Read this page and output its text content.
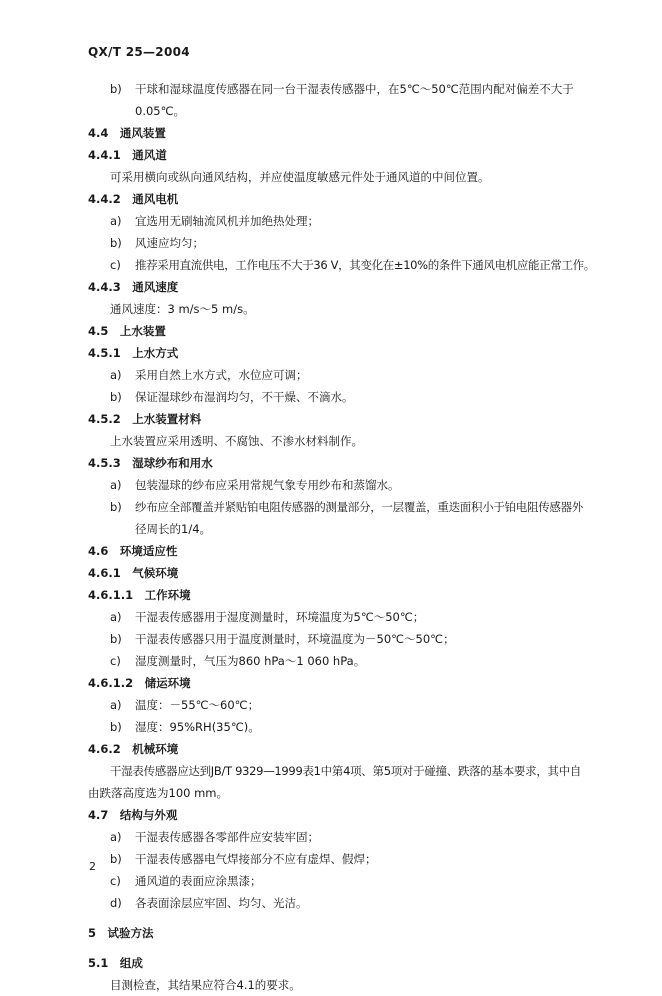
QX/T 25—2004
b) 干球和湿球温度传感器在同一台干湿表传感器中，在5℃～50℃范围内配对偏差不大于
0.05℃。
4.4　通风装置
4.4.1　通风道
可采用横向或纵向通风结构，并应使温度敏感元件处于通风道的中间位置。
4.4.2　通风电机
a) 宜选用无刷轴流风机并加绝热处理；
b) 风速应均匀；
c) 推荐采用直流供电，工作电压不大于36 V，其变化在±10%的条件下通风电机应能正常工作。
4.4.3　通风速度
通风速度：3 m/s～5 m/s。
4.5　上水装置
4.5.1　上水方式
a) 采用自然上水方式，水位应可调；
b) 保证湿球纱布湿润均匀，不干燥、不滴水。
4.5.2　上水装置材料
上水装置应采用透明、不腐蚀、不渗水材料制作。
4.5.3　湿球纱布和用水
a) 包装湿球的纱布应采用常规气象专用纱布和蒸馏水。
b) 纱布应全部覆盖并紧贴铂电阻传感器的测量部分，一层覆盖，重迭面积小于铂电阻传感器外
径周长的1/4。
4.6　环境适应性
4.6.1　气候环境
4.6.1.1　工作环境
a) 干湿表传感器用于湿度测量时，环境温度为5℃～50℃；
b) 干湿表传感器只用于温度测量时，环境温度为－50℃～50℃；
c) 湿度测量时，气压为860 hPa～1 060 hPa。
4.6.1.2　储运环境
a) 温度：－55℃～60℃；
b) 湿度：95%RH(35℃)。
4.6.2　机械环境
干湿表传感器应达到JB/T 9329—1999表1中第4项、第5项对于碰撞、跌落的基本要求，其中自
由跌落高度选为100 mm。
4.7　结构与外观
a) 干湿表传感器各零部件应安装牢固；
b) 干湿表传感器电气焊接部分不应有虚焊、假焊；
c) 通风道的表面应涂黑漆；
d) 各表面涂层应牢固、均匀、光洁。
5　试验方法
5.1　组成
目测检查，其结果应符合4.1的要求。
2
